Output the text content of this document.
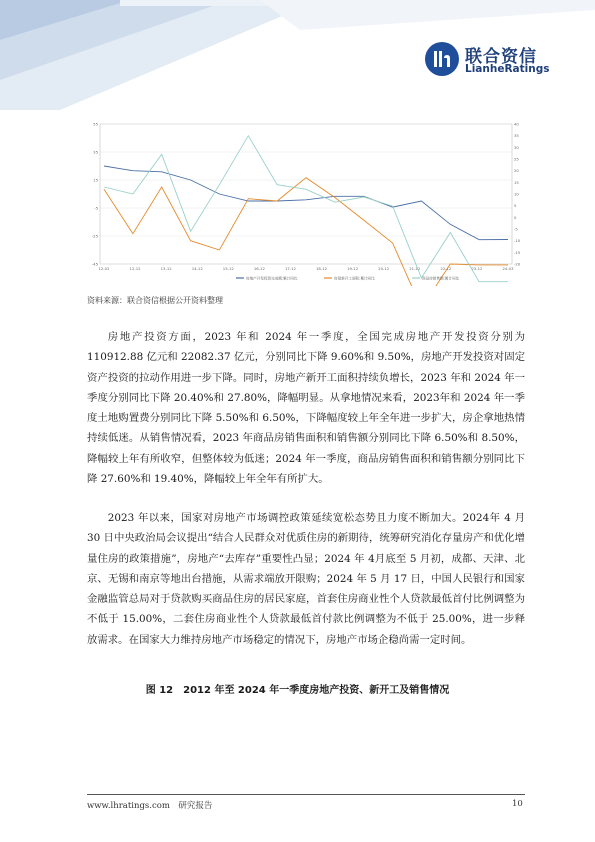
联合资信
LianheRatings
-45
-25
-5
15
35
55
-20
-15
-10
-5
0
5
10
15
20
25
30
35
40
12-02	12-12	13-12	14-12	15-12	16-12	17-12	18-12	19-12	20-12	21-12	22-12	23-12	24-03
房地产开发投资完成额:累计同比	房屋新开工面积:累计同比	商品房销售额:累计同比
资料来源：联合资信根据公开资料整理

房地产投资方面，2023 年和 2024 年一季度，全国完成房地产开发投资分别为110912.88 亿元和 22082.37 亿元，分别同比下降 9.60%和 9.50%，房地产开发投资对固定资产投资的拉动作用进一步下降。同时，房地产新开工面积持续负增长，2023 年和 2024 年一季度分别同比下降 20.40%和 27.80%，降幅明显。从拿地情况来看，2023年和 2024 年一季度土地购置费分别同比下降 5.50%和 6.50%，下降幅度较上年全年进一步扩大，房企拿地热情持续低迷。从销售情况看，2023 年商品房销售面积和销售额分别同比下降 6.50%和 8.50%，降幅较上年有所收窄，但整体较为低迷；2024 年一季度，商品房销售面积和销售额分别同比下降 27.60%和 19.40%，降幅较上年全年有所扩大。

2023 年以来，国家对房地产市场调控政策延续宽松态势且力度不断加大。2024年 4 月 30 日中央政治局会议提出“结合人民群众对优质住房的新期待，统筹研究消化存量房产和优化增量住房的政策措施”，房地产“去库存”重要性凸显；2024 年 4月底至 5 月初，成都、天津、北京、无锡和南京等地出台措施，从需求端放开限购；2024 年 5 月 17 日，中国人民银行和国家金融监管总局对于贷款购买商品住房的居民家庭，首套住房商业性个人贷款最低首付比例调整为不低于 15.00%，二套住房商业性个人贷款最低首付款比例调整为不低于 25.00%，进一步释放需求。在国家大力维持房地产市场稳定的情况下，房地产市场企稳尚需一定时间。

图 12　2012 年至 2024 年一季度房地产投资、新开工及销售情况
www.lhratings.com　 研究报告	10
